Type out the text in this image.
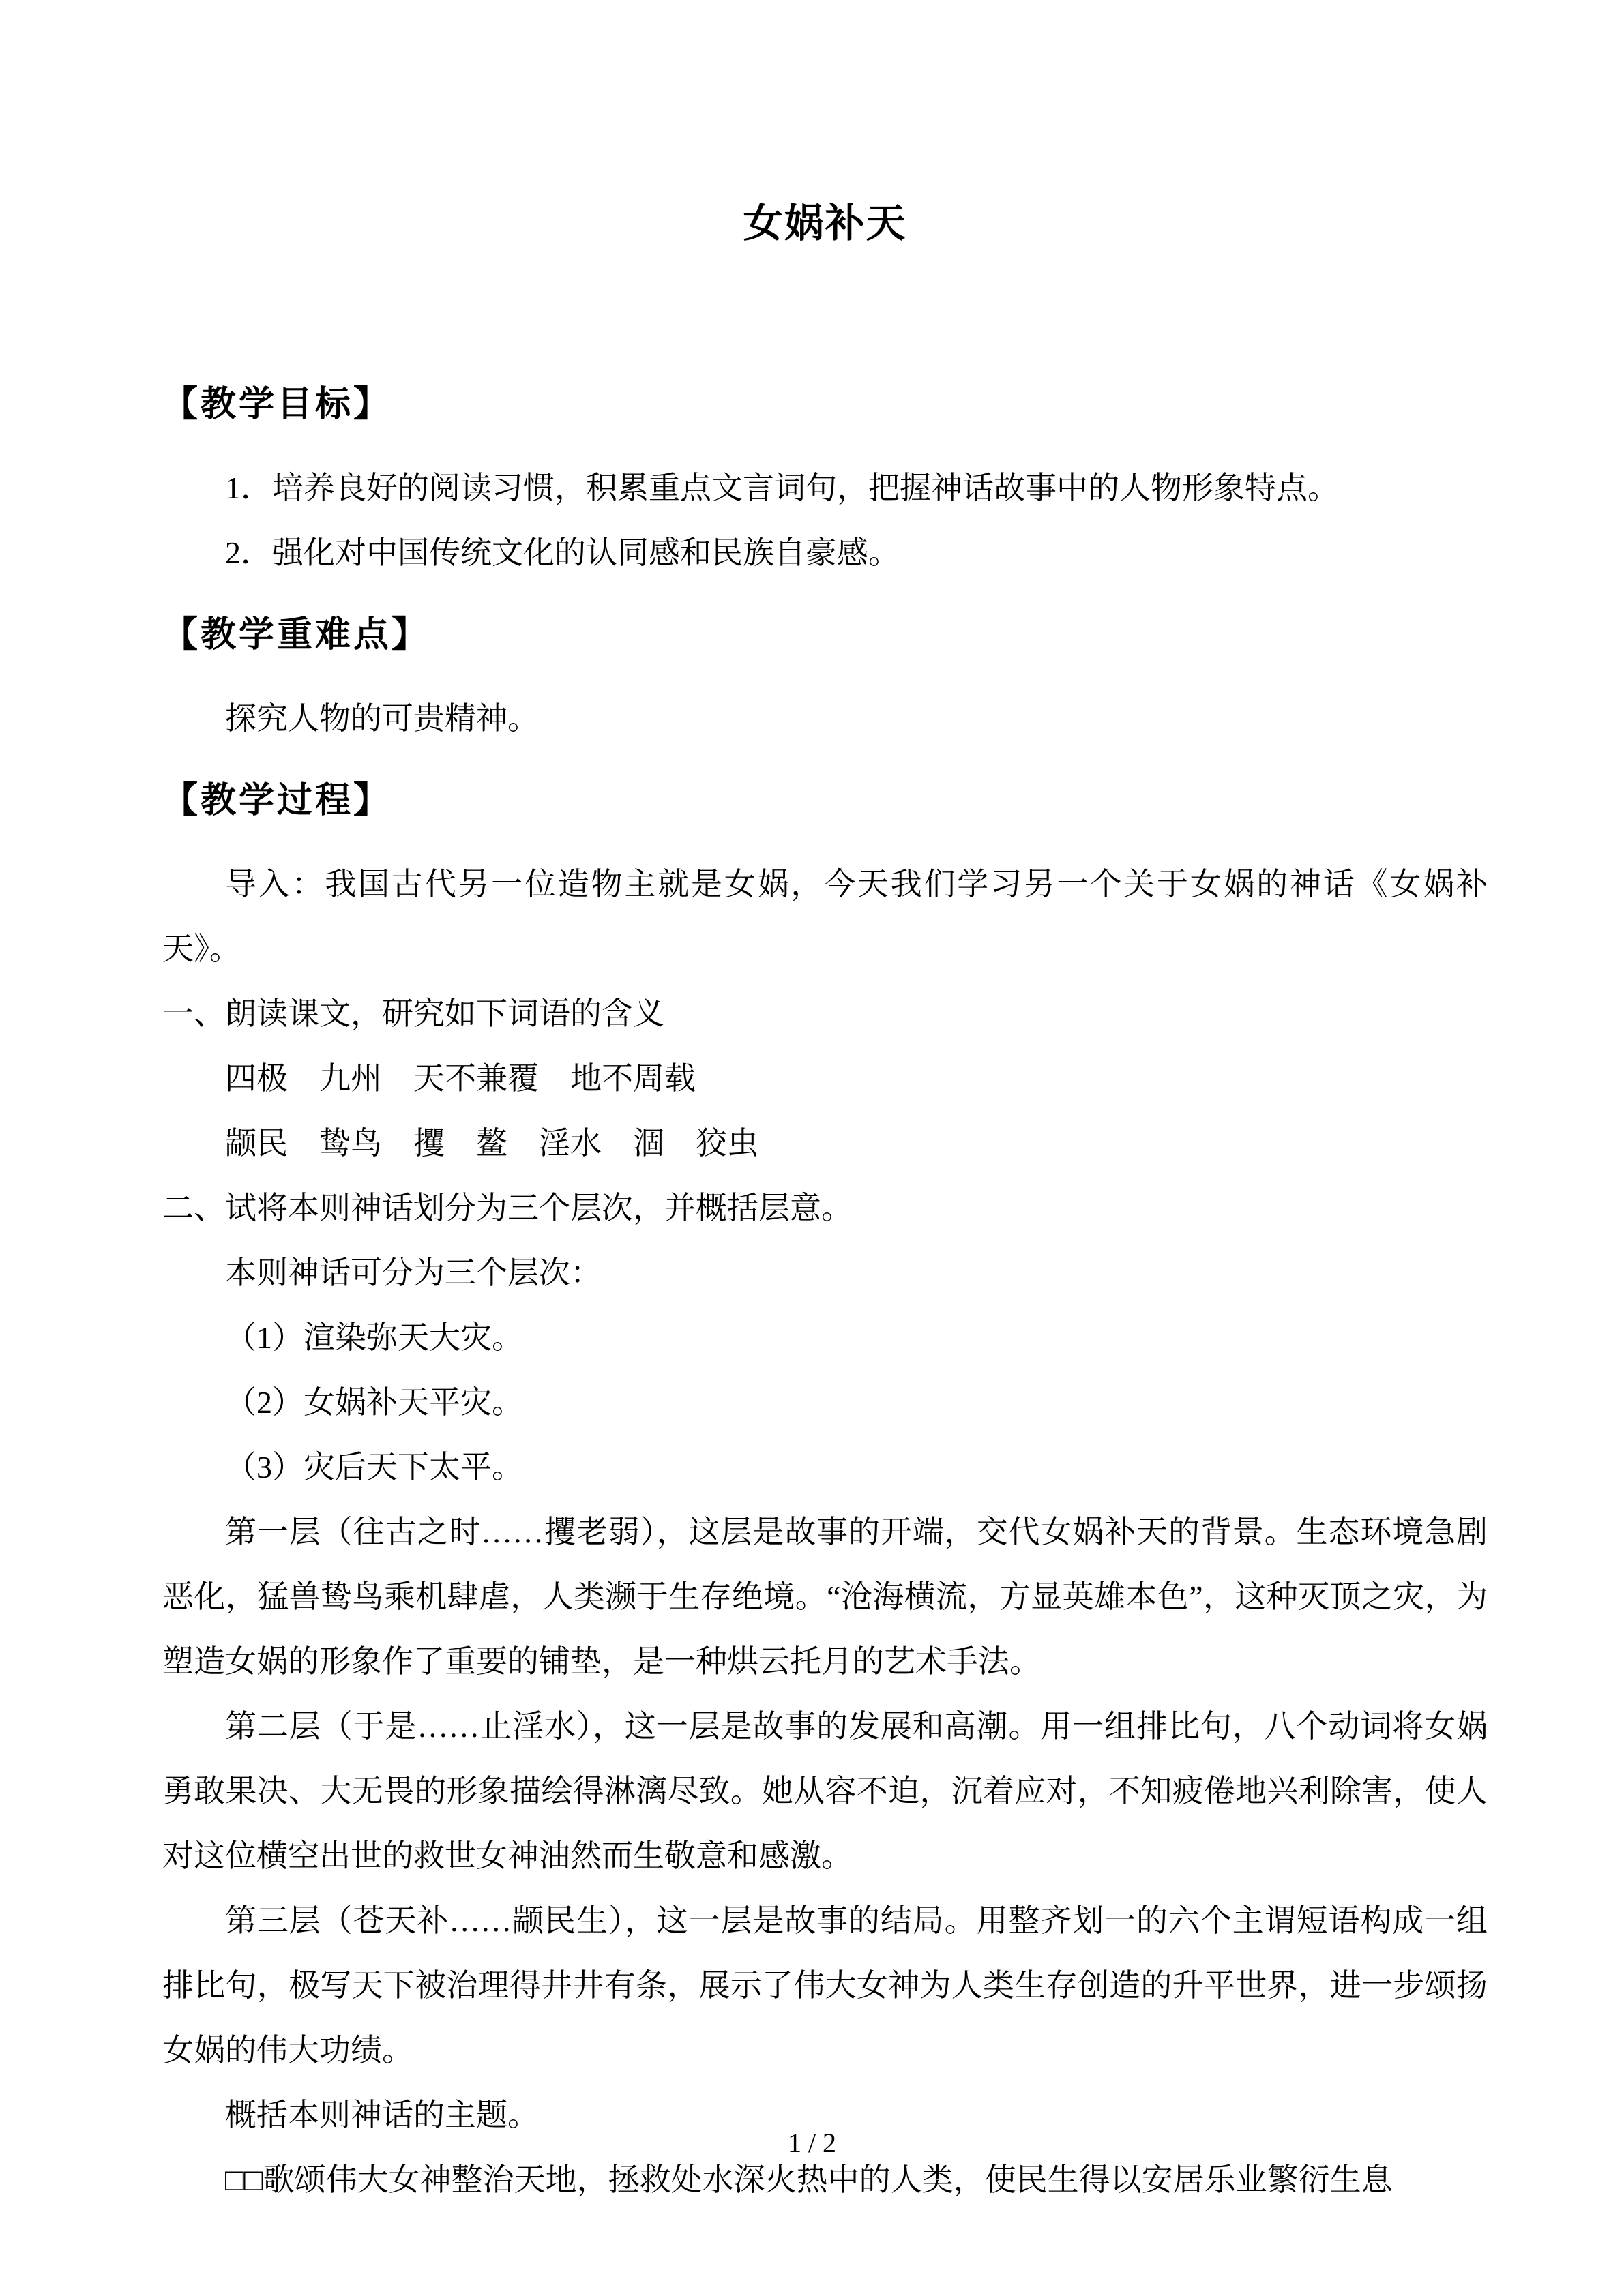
女娲补天
【教学目标】

1．培养良好的阅读习惯，积累重点文言词句，把握神话故事中的人物形象特点。

2．强化对中国传统文化的认同感和民族自豪感。

【教学重难点】

探究人物的可贵精神。

【教学过程】

导入：我国古代另一位造物主就是女娲，今天我们学习另一个关于女娲的神话《女娲补天》。

一、朗读课文，研究如下词语的含义

四极　九州　天不兼覆　地不周载

颛民　鸷鸟　攫　鳌　淫水　涸　狡虫

二、试将本则神话划分为三个层次，并概括层意。

本则神话可分为三个层次：

（1）渲染弥天大灾。

（2）女娲补天平灾。

（3）灾后天下太平。

第一层（往古之时……攫老弱），这层是故事的开端，交代女娲补天的背景。生态环境急剧恶化，猛兽鸷鸟乘机肆虐，人类濒于生存绝境。“沧海横流，方显英雄本色”，这种灭顶之灾，为塑造女娲的形象作了重要的铺垫，是一种烘云托月的艺术手法。

第二层（于是……止淫水），这一层是故事的发展和高潮。用一组排比句，八个动词将女娲勇敢果决、大无畏的形象描绘得淋漓尽致。她从容不迫，沉着应对，不知疲倦地兴利除害，使人对这位横空出世的救世女神油然而生敬意和感激。

第三层（苍天补……颛民生），这一层是故事的结局。用整齐划一的六个主谓短语构成一组排比句，极写天下被治理得井井有条，展示了伟大女神为人类生存创造的升平世界，进一步颂扬女娲的伟大功绩。

概括本则神话的主题。

□□歌颂伟大女神整治天地，拯救处水深火热中的人类，使民生得以安居乐业繁衍生息

1 / 2
